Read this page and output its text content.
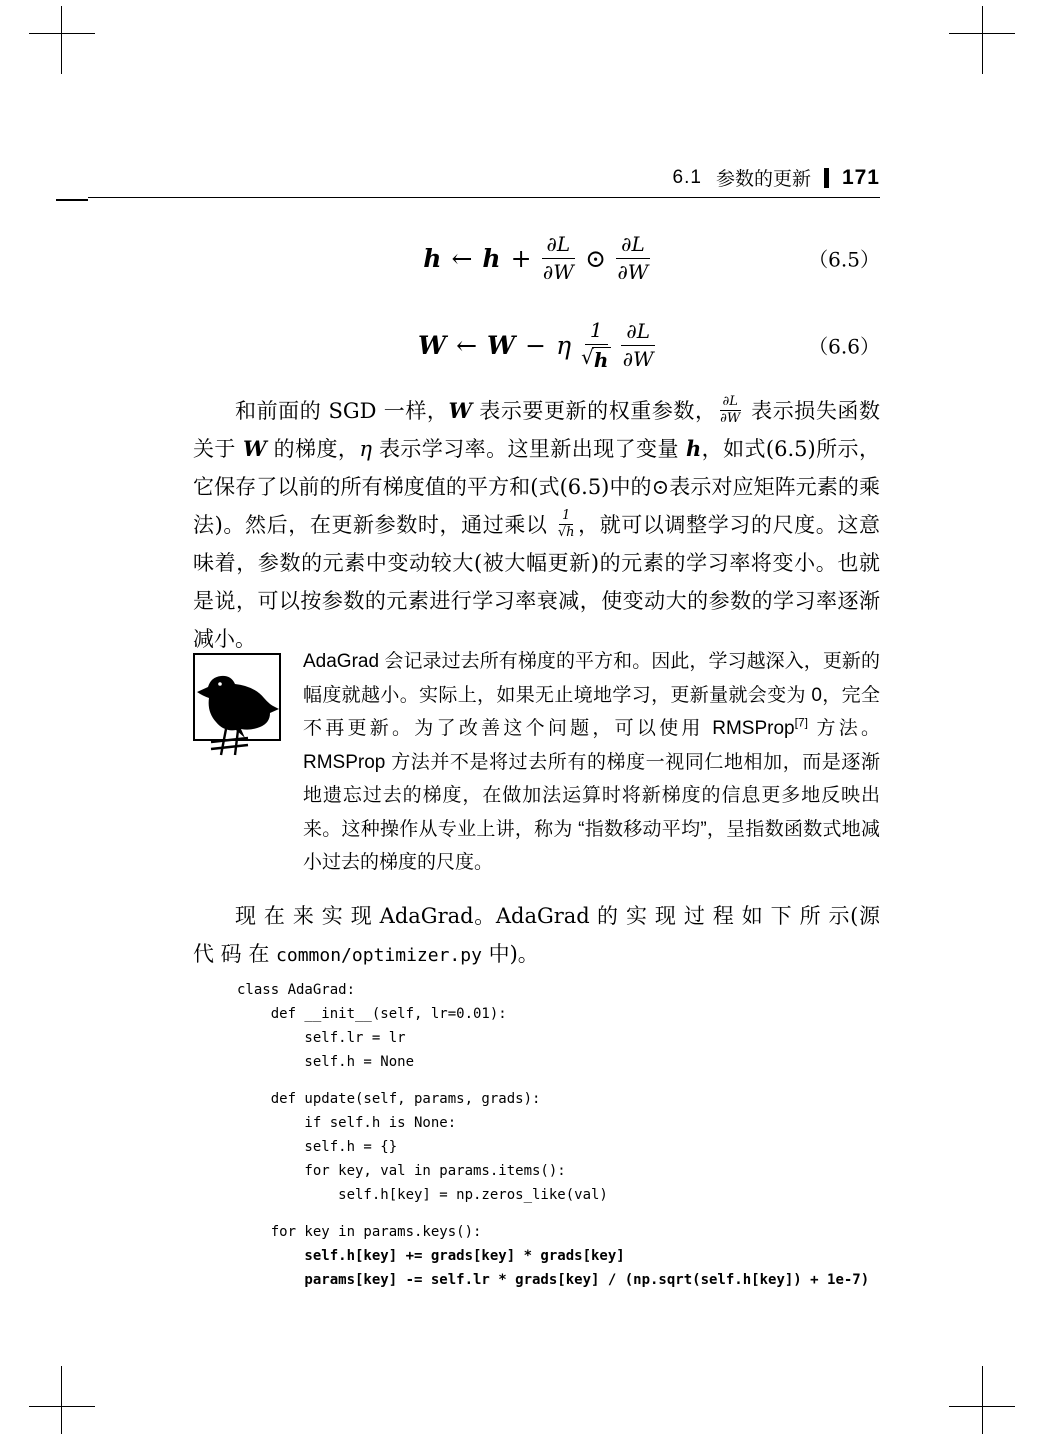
6.1 参数的更新 171
h ← $h + \frac{\partial L}{\partial W}$ ⊙ $\frac{\partial L}{\partial W}$	（6.5）
W ← W − η $\frac{1}{√ h} \frac{\partial L}{\partial W}$	（6.6）

和前面的 SGD 一样，W 表示要更新的权重参数， $\frac{\partial L}{\partial W}$ 表示损失函数关于 W 的梯度，η 表示学习率。这里新出现了变量 h，如式(6.5)所示，它保存了以前的所有梯度值的平方和(式(6.5)中的⊙表示对应矩阵元素的乘法)。然后，在更新参数时，通过乘以 $\frac{1}{√h}$ ，就可以调整学习的尺度。这意味着，参数的元素中变动较大(被大幅更新)的元素的学习率将变小。也就是说，可以按参数的元素进行学习率衰减，使变动大的参数的学习率逐渐减小。

AdaGrad 会记录过去所有梯度的平方和。因此，学习越深入，更新的幅度就越小。实际上，如果无止境地学习，更新量就会变为 0，完全不再更新。为了改善这个问题，可以使用 RMSProp[7] 方法。RMSProp 方法并不是将过去所有的梯度一视同仁地相加，而是逐渐地遗忘过去的梯度，在做加法运算时将新梯度的信息更多地反映出来。这种操作从专业上讲，称为 “指数移动平均”，呈指数函数式地减小过去的梯度的尺度。

现 在 来 实 现 AdaGrad。AdaGrad 的 实 现 过 程 如 下 所 示(源 代 码 在 common/optimizer.py 中)。

class AdaGrad:
def __init__(self, lr=0.01):
self.lr = lr
self.h = None
def update(self, params, grads):
if self.h is None:
self.h = {}
for key, val in params.items():
self.h[key] = np.zeros_like(val)
for key in params.keys():
self.h[key] += grads[key] * grads[key]
params[key] -= self.lr * grads[key] / (np.sqrt(self.h[key]) + 1e-7)
